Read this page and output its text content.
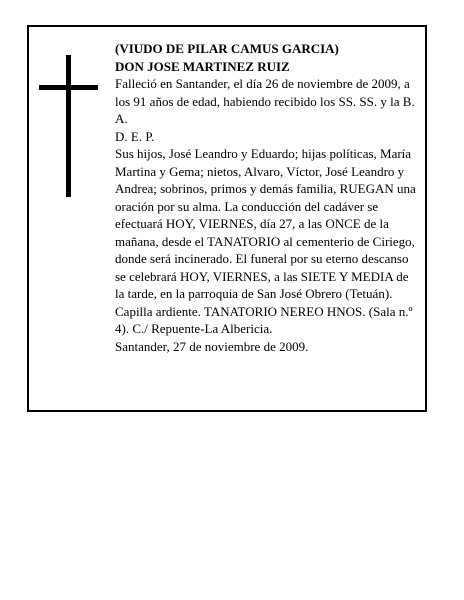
(VIUDO DE PILAR CAMUS GARCIA)

DON JOSE MARTINEZ RUIZ

Falleció en Santander, el día 26 de noviembre de 2009, a los 91 años de edad, habiendo recibido los SS. SS. y la B. A.

D. E. P.

Sus hijos, José Leandro y Eduardo; hijas políticas, María Martina y Gema; nietos, Alvaro, Víctor, José Leandro y Andrea; sobrinos, primos y demás familia, RUEGAN una oración por su alma. La conducción del cadáver se efectuará HOY, VIERNES, día 27, a las ONCE de la mañana, desde el TANATORIO al cementerio de Ciriego, donde será incinerado. El funeral por su eterno descanso se celebrará HOY, VIERNES, a las SIETE Y MEDIA de la tarde, en la parroquia de San José Obrero (Tetuán).

Capilla ardiente. TANATORIO NEREO HNOS. (Sala n.º 4). C./ Repuente-La Albericia.

Santander, 27 de noviembre de 2009.
